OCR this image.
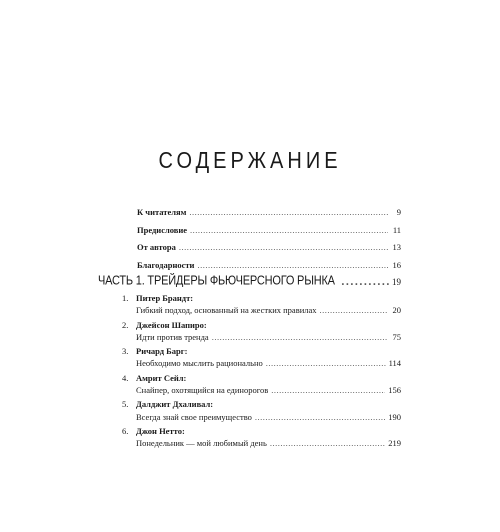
СОДЕРЖАНИЕ
К читателям .....	9
Предисловие .....	11
От автора .....	13
Благодарности .....	16
ЧАСТЬ 1. ТРЕЙДЕРЫ ФЬЮЧЕРСНОГО РЫНКА .....	19
1. Питер Брандт:
Гибкий подход, основанный на жестких правилах .....	20
2. Джейсон Шапиро:
Идти против тренда .....	75
3. Ричард Барг:
Необходимо мыслить рационально .....	114
4. Амрит Сейл:
Снайпер, охотящийся на единорогов .....	156
5. Далджит Дхаливал:
Всегда знай свое преимущество .....	190
6. Джон Нетто:
Понедельник — мой любимый день .....	219
